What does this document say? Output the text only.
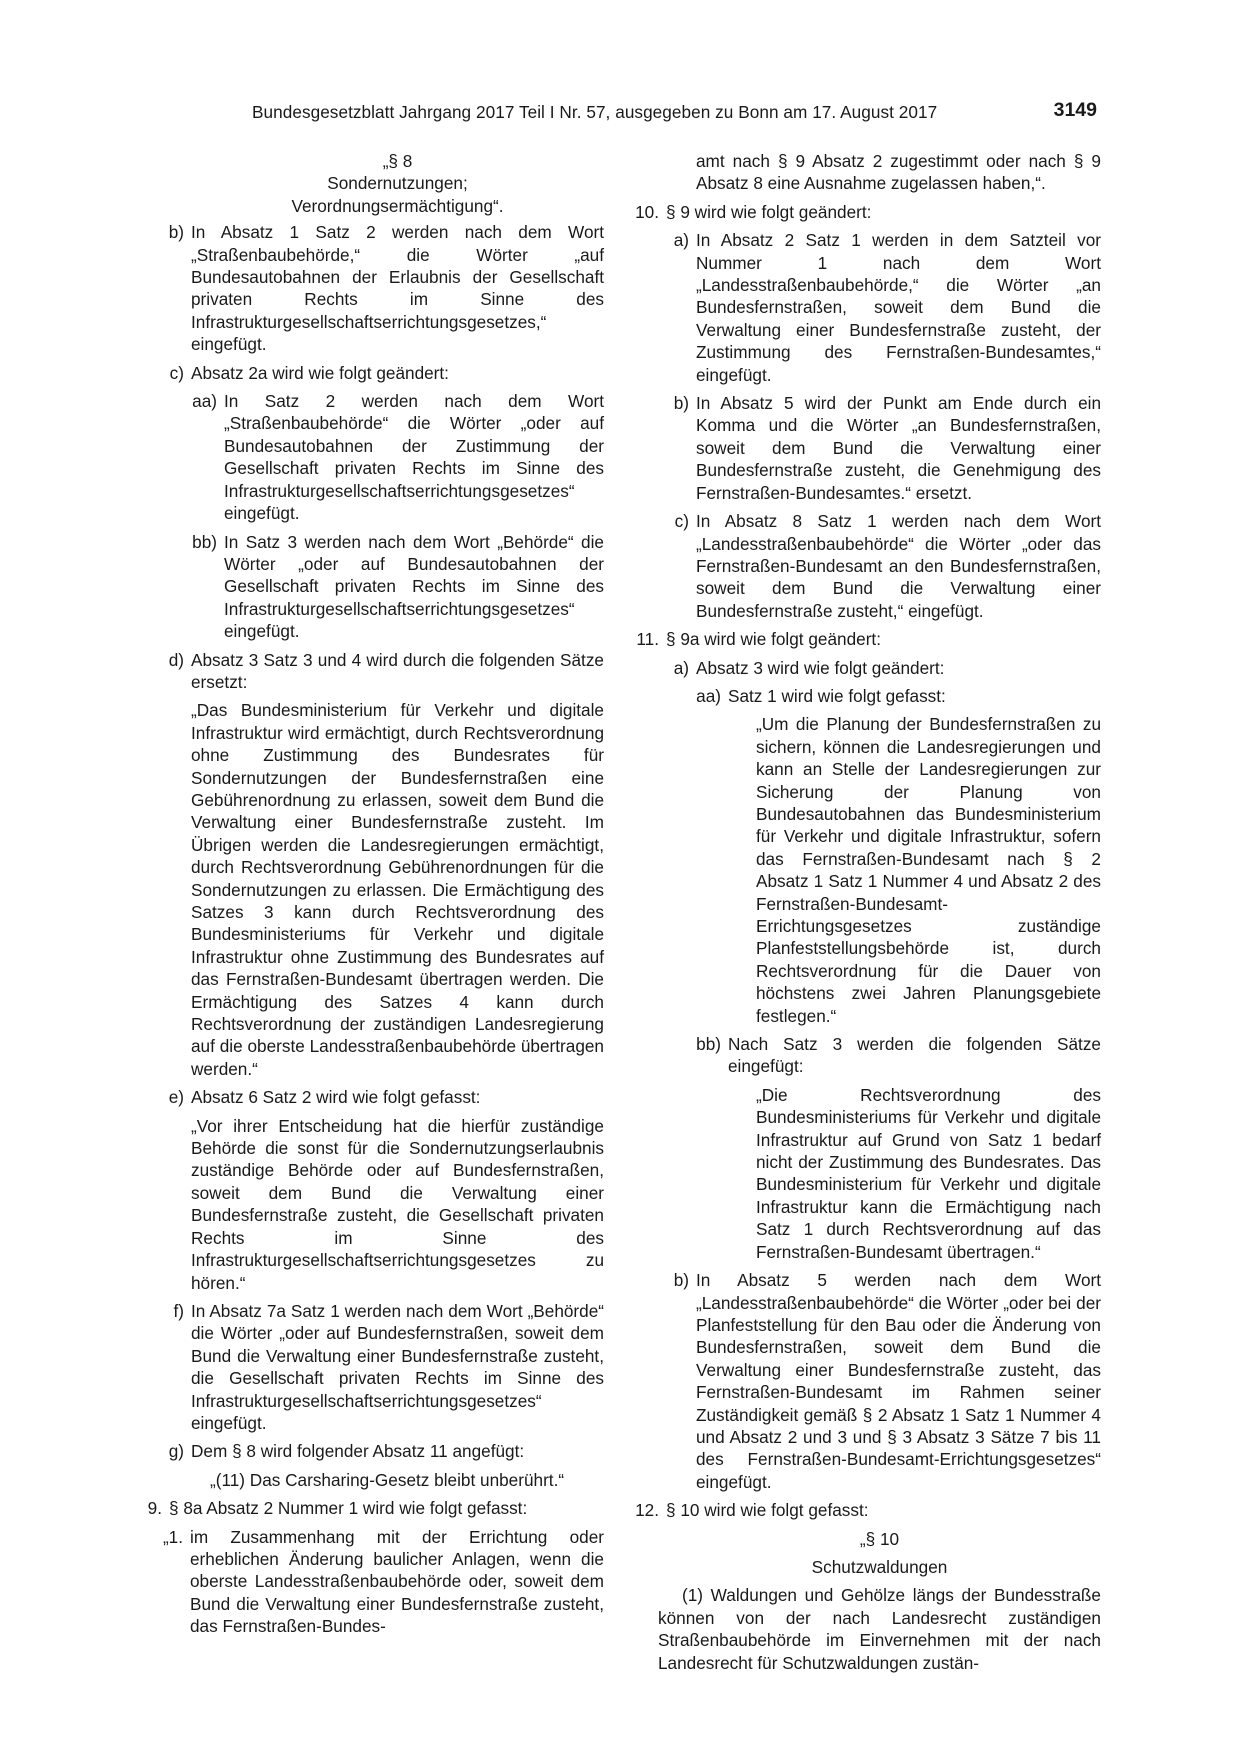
Bundesgesetzblatt Jahrgang 2017 Teil I Nr. 57, ausgegeben zu Bonn am 17. August 2017	3149
„§ 8
Sondernutzungen;
Verordnungsermächtigung“.
b) In Absatz 1 Satz 2 werden nach dem Wort „Straßenbaubehörde,“ die Wörter „auf Bundesautobahnen der Erlaubnis der Gesellschaft privaten Rechts im Sinne des Infrastrukturgesellschaftserrichtungsgesetzes,“ eingefügt.
c) Absatz 2a wird wie folgt geändert:
aa) In Satz 2 werden nach dem Wort „Straßenbaubehörde“ die Wörter „oder auf Bundesautobahnen der Zustimmung der Gesellschaft privaten Rechts im Sinne des Infrastrukturgesellschaftserrichtungsgesetzes“ eingefügt.
bb) In Satz 3 werden nach dem Wort „Behörde“ die Wörter „oder auf Bundesautobahnen der Gesellschaft privaten Rechts im Sinne des Infrastrukturgesellschaftserrichtungsgesetzes“ eingefügt.
d) Absatz 3 Satz 3 und 4 wird durch die folgenden Sätze ersetzt:
„Das Bundesministerium für Verkehr und digitale Infrastruktur wird ermächtigt, durch Rechtsverordnung ohne Zustimmung des Bundesrates für Sondernutzungen der Bundesfernstraßen eine Gebührenordnung zu erlassen, soweit dem Bund die Verwaltung einer Bundesfernstraße zusteht. Im Übrigen werden die Landesregierungen ermächtigt, durch Rechtsverordnung Gebührenordnungen für die Sondernutzungen zu erlassen. Die Ermächtigung des Satzes 3 kann durch Rechtsverordnung des Bundesministeriums für Verkehr und digitale Infrastruktur ohne Zustimmung des Bundesrates auf das Fernstraßen-Bundesamt übertragen werden. Die Ermächtigung des Satzes 4 kann durch Rechtsverordnung der zuständigen Landesregierung auf die oberste Landesstraßenbaubehörde übertragen werden.“
e) Absatz 6 Satz 2 wird wie folgt gefasst:
„Vor ihrer Entscheidung hat die hierfür zuständige Behörde die sonst für die Sondernutzungserlaubnis zuständige Behörde oder auf Bundesfernstraßen, soweit dem Bund die Verwaltung einer Bundesfernstraße zusteht, die Gesellschaft privaten Rechts im Sinne des Infrastrukturgesellschaftserrichtungsgesetzes zu hören.“
f) In Absatz 7a Satz 1 werden nach dem Wort „Behörde“ die Wörter „oder auf Bundesfernstraßen, soweit dem Bund die Verwaltung einer Bundesfernstraße zusteht, die Gesellschaft privaten Rechts im Sinne des Infrastrukturgesellschaftserrichtungsgesetzes“ eingefügt.
g) Dem § 8 wird folgender Absatz 11 angefügt:
„(11) Das Carsharing-Gesetz bleibt unberührt.“
9. § 8a Absatz 2 Nummer 1 wird wie folgt gefasst:
„1. im Zusammenhang mit der Errichtung oder erheblichen Änderung baulicher Anlagen, wenn die oberste Landesstraßenbaubehörde oder, soweit dem Bund die Verwaltung einer Bundesfernstraße zusteht, das Fernstraßen-Bundes-
amt nach § 9 Absatz 2 zugestimmt oder nach § 9 Absatz 8 eine Ausnahme zugelassen haben,“.
10. § 9 wird wie folgt geändert:
a) In Absatz 2 Satz 1 werden in dem Satzteil vor Nummer 1 nach dem Wort „Landesstraßenbaubehörde,“ die Wörter „an Bundesfernstraßen, soweit dem Bund die Verwaltung einer Bundesfernstraße zusteht, der Zustimmung des Fernstraßen-Bundesamtes,“ eingefügt.
b) In Absatz 5 wird der Punkt am Ende durch ein Komma und die Wörter „an Bundesfernstraßen, soweit dem Bund die Verwaltung einer Bundesfernstraße zusteht, die Genehmigung des Fernstraßen-Bundesamtes.“ ersetzt.
c) In Absatz 8 Satz 1 werden nach dem Wort „Landesstraßenbaubehörde“ die Wörter „oder das Fernstraßen-Bundesamt an den Bundesfernstraßen, soweit dem Bund die Verwaltung einer Bundesfernstraße zusteht,“ eingefügt.
11. § 9a wird wie folgt geändert:
a) Absatz 3 wird wie folgt geändert:
aa) Satz 1 wird wie folgt gefasst:
„Um die Planung der Bundesfernstraßen zu sichern, können die Landesregierungen und kann an Stelle der Landesregierungen zur Sicherung der Planung von Bundesautobahnen das Bundesministerium für Verkehr und digitale Infrastruktur, sofern das Fernstraßen-Bundesamt nach § 2 Absatz 1 Satz 1 Nummer 4 und Absatz 2 des Fernstraßen-Bundesamt-Errichtungsgesetzes zuständige Planfeststellungsbehörde ist, durch Rechtsverordnung für die Dauer von höchstens zwei Jahren Planungsgebiete festlegen.“
bb) Nach Satz 3 werden die folgenden Sätze eingefügt:
„Die Rechtsverordnung des Bundesministeriums für Verkehr und digitale Infrastruktur auf Grund von Satz 1 bedarf nicht der Zustimmung des Bundesrates. Das Bundesministerium für Verkehr und digitale Infrastruktur kann die Ermächtigung nach Satz 1 durch Rechtsverordnung auf das Fernstraßen-Bundesamt übertragen.“
b) In Absatz 5 werden nach dem Wort „Landesstraßenbaubehörde“ die Wörter „oder bei der Planfeststellung für den Bau oder die Änderung von Bundesfernstraßen, soweit dem Bund die Verwaltung einer Bundesfernstraße zusteht, das Fernstraßen-Bundesamt im Rahmen seiner Zuständigkeit gemäß § 2 Absatz 1 Satz 1 Nummer 4 und Absatz 2 und 3 und § 3 Absatz 3 Sätze 7 bis 11 des Fernstraßen-Bundesamt-Errichtungsgesetzes“ eingefügt.
12. § 10 wird wie folgt gefasst:
„§ 10
Schutzwaldungen
(1) Waldungen und Gehölze längs der Bundesstraße können von der nach Landesrecht zuständigen Straßenbaubehörde im Einvernehmen mit der nach Landesrecht für Schutzwaldungen zustän-
